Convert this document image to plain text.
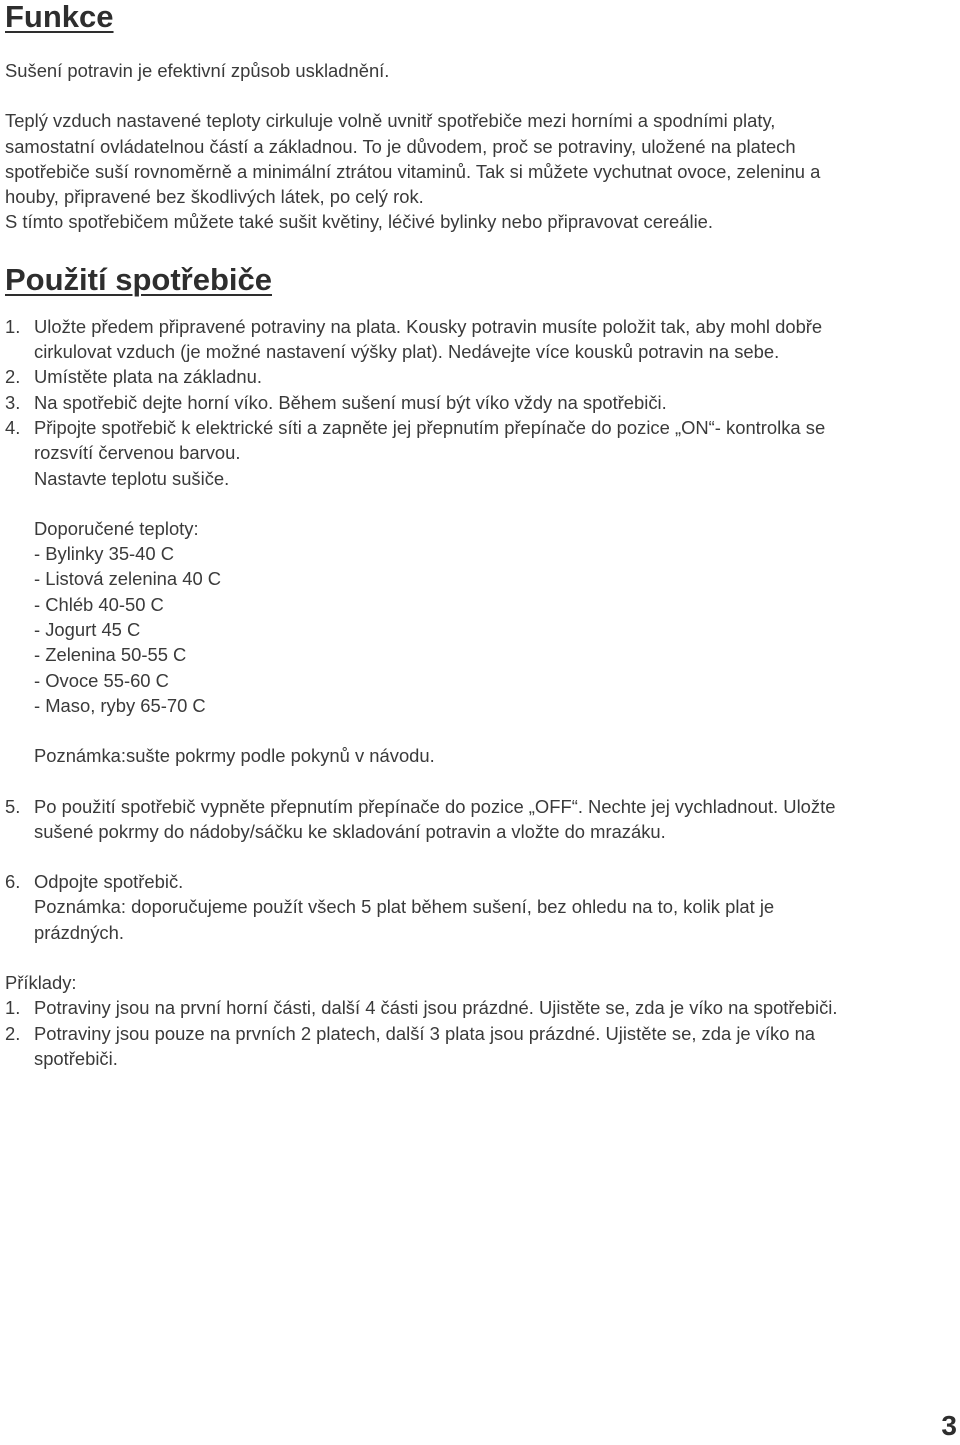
Funkce

Sušení potravin je efektivní způsob uskladnění.

Teplý vzduch nastavené teploty cirkuluje volně uvnitř spotřebiče mezi horními a spodními platy,

samostatní ovládatelnou částí a základnou. To je důvodem, proč se potraviny, uložené na platech

spotřebiče suší rovnoměrně a minimální ztrátou vitaminů. Tak si můžete vychutnat ovoce, zeleninu a

houby, připravené bez škodlivých látek, po celý rok.

S tímto spotřebičem můžete také sušit květiny, léčivé bylinky nebo připravovat cereálie.

Použití spotřebiče
1. Uložte předem připravené potraviny na plata. Kousky potravin musíte položit tak, aby mohl dobře
cirkulovat vzduch (je možné nastavení výšky plat). Nedávejte více kousků potravin na sebe.
2. Umístěte plata na základnu.
3. Na spotřebič dejte horní víko. Během sušení musí být víko vždy na spotřebiči.
4. Připojte spotřebič k elektrické síti a zapněte jej přepnutím přepínače do pozice „ON“- kontrolka se
rozsvítí červenou barvou.
Nastavte teplotu sušiče.

Doporučené teploty:

- Bylinky 35-40 C

- Listová zelenina 40 C

- Chléb 40-50 C

- Jogurt 45 C

- Zelenina 50-55 C

- Ovoce 55-60 C

- Maso, ryby 65-70 C

Poznámka:sušte pokrmy podle pokynů v návodu.

5. Po použití spotřebič vypněte přepnutím přepínače do pozice „OFF“. Nechte jej vychladnout. Uložte
sušené pokrmy do nádoby/sáčku ke skladování potravin a vložte do mrazáku.
6. Odpojte spotřebič.
Poznámka: doporučujeme použít všech 5 plat během sušení, bez ohledu na to, kolik plat je
prázdných.

Příklady:

1. Potraviny jsou na první horní části, další 4 části jsou prázdné. Ujistěte se, zda je víko na spotřebiči.
2. Potraviny jsou pouze na prvních 2 platech, další 3 plata jsou prázdné. Ujistěte se, zda je víko na
spotřebiči.
3
